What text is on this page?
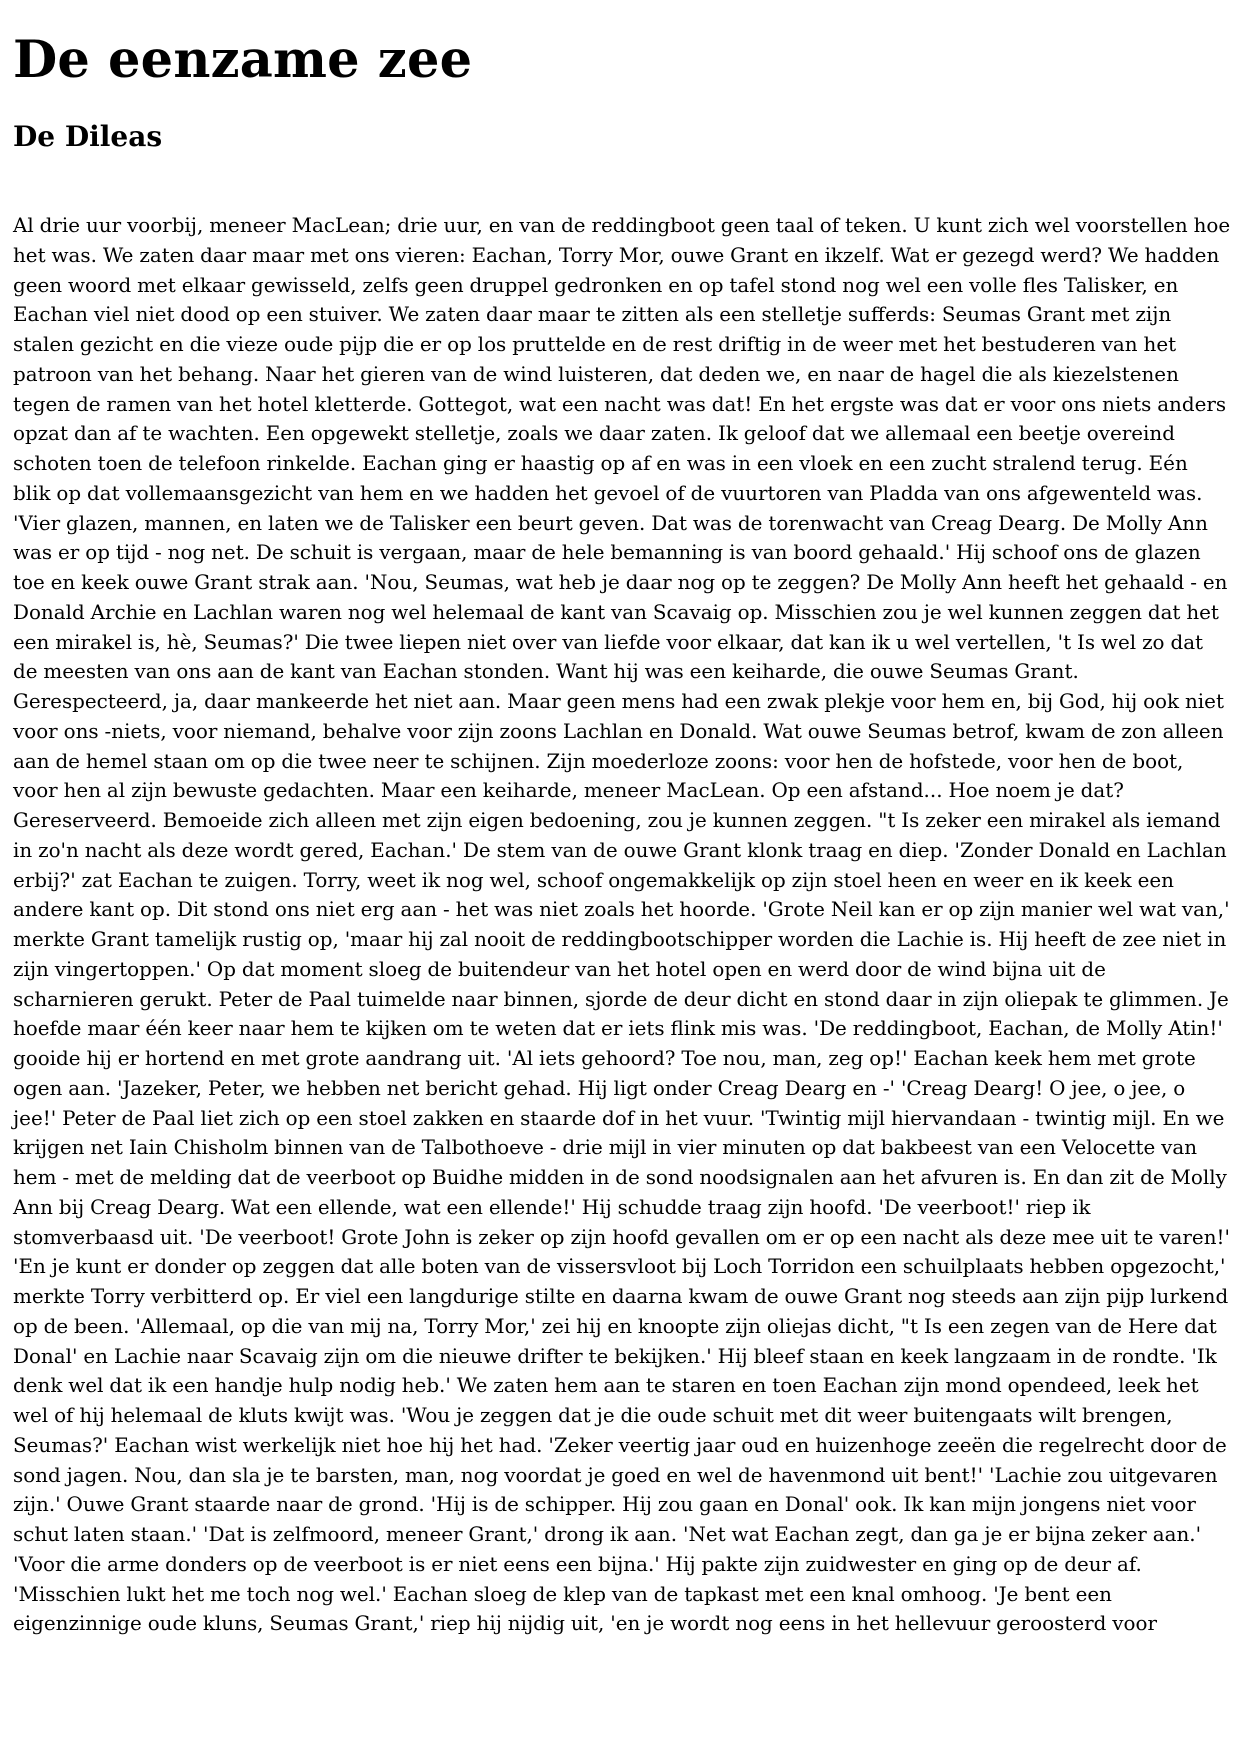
De eenzame zee
De Dileas

Al drie uur voorbij, meneer MacLean; drie uur, en van de reddingboot geen taal of teken. U kunt zich wel voorstellen hoe het was. We zaten daar maar met ons vieren: Eachan, Torry Mor, ouwe Grant en ikzelf. Wat er gezegd werd? We hadden geen woord met elkaar gewisseld, zelfs geen druppel gedronken en op tafel stond nog wel een volle fles Talisker, en Eachan viel niet dood op een stuiver. We zaten daar maar te zitten als een stelletje sufferds: Seumas Grant met zijn stalen gezicht en die vieze oude pijp die er op los pruttelde en de rest driftig in de weer met het bestuderen van het patroon van het behang. Naar het gieren van de wind luisteren, dat deden we, en naar de hagel die als kiezelstenen tegen de ramen van het hotel kletterde. Gottegot, wat een nacht was dat! En het ergste was dat er voor ons niets anders opzat dan af te wachten. Een opgewekt stelletje, zoals we daar zaten. Ik geloof dat we allemaal een beetje overeind schoten toen de telefoon rinkelde. Eachan ging er haastig op af en was in een vloek en een zucht stralend terug. Eén blik op dat vollemaansgezicht van hem en we hadden het gevoel of de vuurtoren van Pladda van ons afgewenteld was. 'Vier glazen, mannen, en laten we de Talisker een beurt geven. Dat was de torenwacht van Creag Dearg. De Molly Ann was er op tijd - nog net. De schuit is vergaan, maar de hele bemanning is van boord gehaald.' Hij schoof ons de glazen toe en keek ouwe Grant strak aan. 'Nou, Seumas, wat heb je daar nog op te zeggen? De Molly Ann heeft het gehaald - en Donald Archie en Lachlan waren nog wel helemaal de kant van Scavaig op. Misschien zou je wel kunnen zeggen dat het een mirakel is, hè, Seumas?' Die twee liepen niet over van liefde voor elkaar, dat kan ik u wel vertellen, 't Is wel zo dat de meesten van ons aan de kant van Eachan stonden. Want hij was een keiharde, die ouwe Seumas Grant. Gerespecteerd, ja, daar mankeerde het niet aan. Maar geen mens had een zwak plekje voor hem en, bij God, hij ook niet voor ons -niets, voor niemand, behalve voor zijn zoons Lachlan en Donald. Wat ouwe Seumas betrof, kwam de zon alleen aan de hemel staan om op die twee neer te schijnen. Zijn moederloze zoons: voor hen de hofstede, voor hen de boot, voor hen al zijn bewuste gedachten. Maar een keiharde, meneer MacLean. Op een afstand... Hoe noem je dat? Gereserveerd. Bemoeide zich alleen met zijn eigen bedoening, zou je kunnen zeggen. "t Is zeker een mirakel als iemand in zo'n nacht als deze wordt gered, Eachan.' De stem van de ouwe Grant klonk traag en diep. 'Zonder Donald en Lachlan erbij?' zat Eachan te zuigen. Torry, weet ik nog wel, schoof ongemakkelijk op zijn stoel heen en weer en ik keek een andere kant op. Dit stond ons niet erg aan - het was niet zoals het hoorde. 'Grote Neil kan er op zijn manier wel wat van,' merkte Grant tamelijk rustig op, 'maar hij zal nooit de reddingbootschipper worden die Lachie is. Hij heeft de zee niet in zijn vingertoppen.' Op dat moment sloeg de buitendeur van het hotel open en werd door de wind bijna uit de scharnieren gerukt. Peter de Paal tuimelde naar binnen, sjorde de deur dicht en stond daar in zijn oliepak te glimmen. Je hoefde maar één keer naar hem te kijken om te weten dat er iets flink mis was. 'De reddingboot, Eachan, de Molly Atin!' gooide hij er hortend en met grote aandrang uit. 'Al iets gehoord? Toe nou, man, zeg op!' Eachan keek hem met grote ogen aan. 'Jazeker, Peter, we hebben net bericht gehad. Hij ligt onder Creag Dearg en -' 'Creag Dearg! O jee, o jee, o jee!' Peter de Paal liet zich op een stoel zakken en staarde dof in het vuur. 'Twintig mijl hiervandaan - twintig mijl. En we krijgen net Iain Chisholm binnen van de Talbothoeve - drie mijl in vier minuten op dat bakbeest van een Velocette van hem - met de melding dat de veerboot op Buidhe midden in de sond noodsignalen aan het afvuren is. En dan zit de Molly Ann bij Creag Dearg. Wat een ellende, wat een ellende!' Hij schudde traag zijn hoofd. 'De veerboot!' riep ik stomverbaasd uit. 'De veerboot! Grote John is zeker op zijn hoofd gevallen om er op een nacht als deze mee uit te varen!' 'En je kunt er donder op zeggen dat alle boten van de vissersvloot bij Loch Torridon een schuilplaats hebben opgezocht,' merkte Torry verbitterd op. Er viel een langdurige stilte en daarna kwam de ouwe Grant nog steeds aan zijn pijp lurkend op de been. 'Allemaal, op die van mij na, Torry Mor,' zei hij en knoopte zijn oliejas dicht, "t Is een zegen van de Here dat Donal' en Lachie naar Scavaig zijn om die nieuwe drifter te bekijken.' Hij bleef staan en keek langzaam in de rondte. 'Ik denk wel dat ik een handje hulp nodig heb.' We zaten hem aan te staren en toen Eachan zijn mond opendeed, leek het wel of hij helemaal de kluts kwijt was. 'Wou je zeggen dat je die oude schuit met dit weer buitengaats wilt brengen, Seumas?' Eachan wist werkelijk niet hoe hij het had. 'Zeker veertig jaar oud en huizenhoge zeeën die regelrecht door de sond jagen. Nou, dan sla je te barsten, man, nog voordat je goed en wel de havenmond uit bent!' 'Lachie zou uitgevaren zijn.' Ouwe Grant staarde naar de grond. 'Hij is de schipper. Hij zou gaan en Donal' ook. Ik kan mijn jongens niet voor schut laten staan.' 'Dat is zelfmoord, meneer Grant,' drong ik aan. 'Net wat Eachan zegt, dan ga je er bijna zeker aan.' 'Voor die arme donders op de veerboot is er niet eens een bijna.' Hij pakte zijn zuidwester en ging op de deur af. 'Misschien lukt het me toch nog wel.' Eachan sloeg de klep van de tapkast met een knal omhoog. 'Je bent een eigenzinnige oude kluns, Seumas Grant,' riep hij nijdig uit, 'en je wordt nog eens in het hellevuur geroosterd voor
